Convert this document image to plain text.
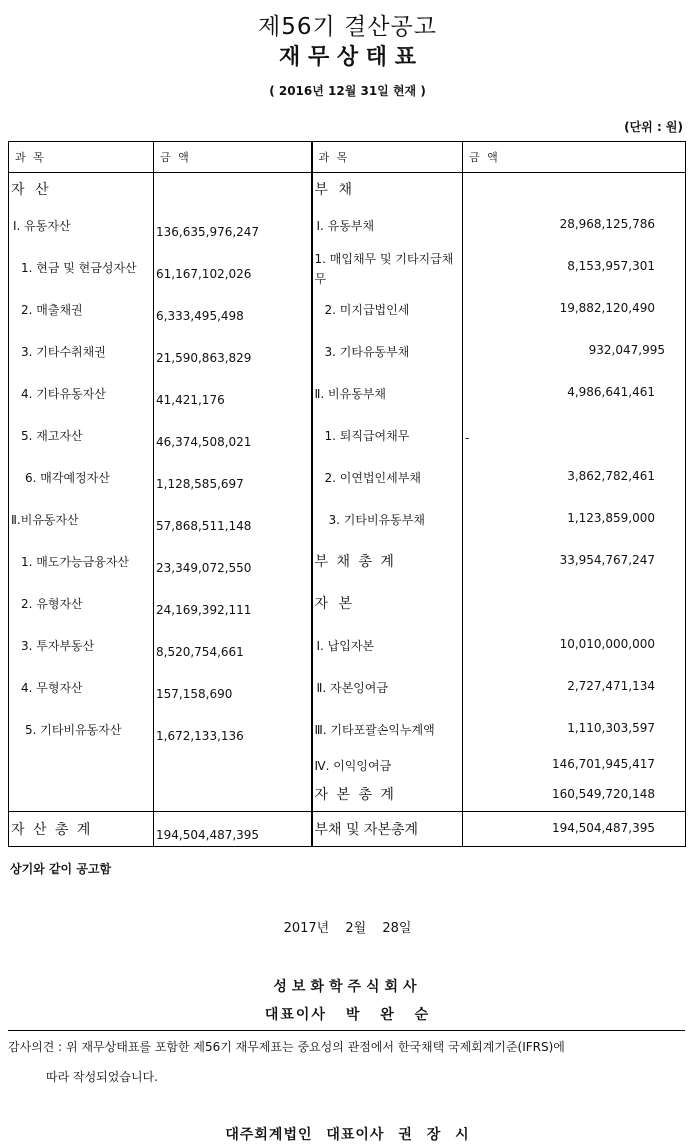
제56기 결산공고
재 무 상 태 표
( 2016년 12월 31일 현재 )
(단위 : 원)
과 목	금 액	과 목	금 액

자 산		부 채	

Ⅰ. 유동자산	136,635,976,247	Ⅰ. 유동부채	28,968,125,786

1. 현금 및 현금성자산	61,167,102,026	1. 매입채무 및 기타지급채무	8,153,957,301

2. 매출채권	6,333,495,498	2. 미지급법인세	19,882,120,490

3. 기타수취채권	21,590,863,829	3. 기타유동부채	932,047,995

4. 기타유동자산	41,421,176	Ⅱ. 비유동부채	4,986,641,461

5. 재고자산	46,374,508,021	1. 퇴직급여채무	-

6. 매각예정자산	1,128,585,697	2. 이연법인세부채	3,862,782,461

Ⅱ.비유동자산	57,868,511,148	3. 기타비유동부채	1,123,859,000

1. 매도가능금융자산	23,349,072,550	부 채 총 계	33,954,767,247

2. 유형자산	24,169,392,111	자 본	

3. 투자부동산	8,520,754,661	Ⅰ. 납입자본	10,010,000,000

4. 무형자산	157,158,690	Ⅱ. 자본잉여금	2,727,471,134

5. 기타비유동자산	1,672,133,136	Ⅲ. 기타포괄손익누계액	1,110,303,597

		Ⅳ. 이익잉여금	146,701,945,417

		자 본 총 계	160,549,720,148

자 산 총 계	194,504,487,395	부채 및 자본총계	194,504,487,395
상기와 같이 공고함
2017년 2월 28일
성보화학주식회사
대표이사 박 완 순
감사의견 : 위 재무상태표를 포함한 제56기 재무제표는 중요성의 관점에서 한국채택 국제회계기준(IFRS)에
따라 작성되었습니다.
대주회계법인 대표이사 권 장 시
